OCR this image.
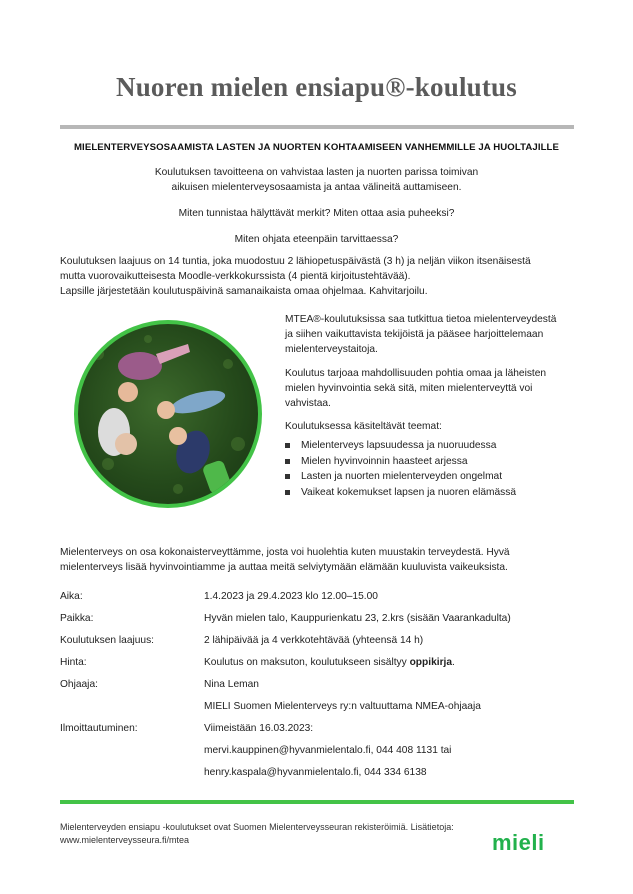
Nuoren mielen ensiapu®-koulutus
MIELENTERVEYSOSAAMISTA LASTEN JA NUORTEN KOHTAAMISEEN VANHEMMILLE JA HUOLTAJILLE

Koulutuksen tavoitteena on vahvistaa lasten ja nuorten parissa toimivan

aikuisen mielenterveysosaamista ja antaa välineitä auttamiseen.

Miten tunnistaa hälyttävät merkit? Miten ottaa asia puheeksi?

Miten ohjata eteenpäin tarvittaessa?

Koulutuksen laajuus on 14 tuntia, joka muodostuu 2 lähiopetuspäivästä (3 h) ja neljän viikon itsenäisestä

mutta vuorovaikutteisesta Moodle-verkkokurssista (4 pientä kirjoitustehtävää).

Lapsille järjestetään koulutuspäivinä samanaikaista omaa ohjelmaa. Kahvitarjoilu.

MTEA®-koulutuksissa saa tutkittua tietoa mielenterveydestä

ja siihen vaikuttavista tekijöistä ja pääsee harjoittelemaan

mielenterveystaitoja.

Koulutus tarjoaa mahdollisuuden pohtia omaa ja läheisten

mielen hyvinvointia sekä sitä, miten mielenterveyttä voi

vahvistaa.

Koulutuksessa käsiteltävät teemat:

Mielenterveys lapsuudessa ja nuoruudessa
Mielen hyvinvoinnin haasteet arjessa
Lasten ja nuorten mielenterveyden ongelmat
Vaikeat kokemukset lapsen ja nuoren elämässä

Mielenterveys on osa kokonaisterveyttämme, josta voi huolehtia kuten muustakin terveydestä. Hyvä

mielenterveys lisää hyvinvointiamme ja auttaa meitä selviytymään elämään kuuluvista vaikeuksista.

Aika:	1.4.2023 ja 29.4.2023 klo 12.00–15.00
Paikka:	Hyvän mielen talo, Kauppurienkatu 23, 2.krs (sisään Vaarankadulta)
Koulutuksen laajuus:	2 lähipäivää ja 4 verkkotehtävää (yhteensä 14 h)
Hinta:	Koulutus on maksuton, koulutukseen sisältyy oppikirja.
Ohjaaja:	Nina Leman
MIELI Suomen Mielenterveys ry:n valtuuttama NMEA-ohjaaja
Ilmoittautuminen:	Viimeistään 16.03.2023:
mervi.kauppinen@hyvanmielentalo.fi, 044 408 1131 tai
henry.kaspala@hyvanmielentalo.fi, 044 334 6138
Mielenterveyden ensiapu -koulutukset ovat Suomen Mielenterveysseuran rekisteröimiä. Lisätietoja:
www.mielenterveysseura.fi/mtea	mieli
